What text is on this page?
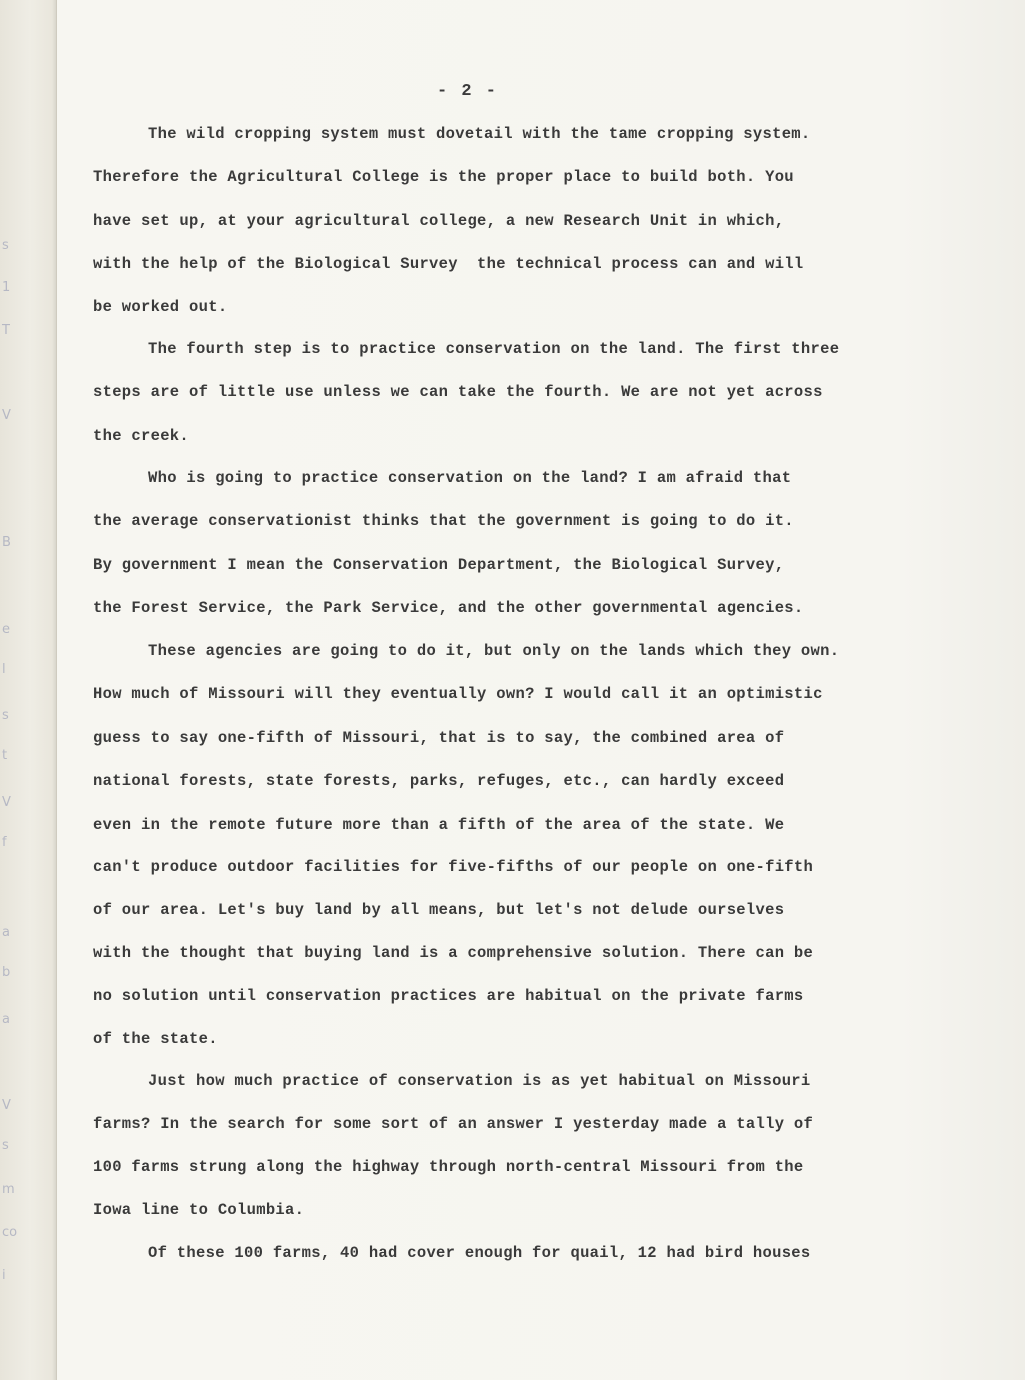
s
1
T
V
B
e
l
s
t
V
f
a
b
a
V
s
m
co
i
- 2 -
The wild cropping system must dovetail with the tame cropping system.
Therefore the Agricultural College is the proper place to build both. You
have set up, at your agricultural college, a new Research Unit in which,
with the help of the Biological Survey  the technical process can and will
be worked out.
The fourth step is to practice conservation on the land. The first three
steps are of little use unless we can take the fourth. We are not yet across
the creek.
Who is going to practice conservation on the land? I am afraid that
the average conservationist thinks that the government is going to do it.
By government I mean the Conservation Department, the Biological Survey,
the Forest Service, the Park Service, and the other governmental agencies.
These agencies are going to do it, but only on the lands which they own.
How much of Missouri will they eventually own? I would call it an optimistic
guess to say one-fifth of Missouri, that is to say, the combined area of
national forests, state forests, parks, refuges, etc., can hardly exceed
even in the remote future more than a fifth of the area of the state. We
can't produce outdoor facilities for five-fifths of our people on one-fifth
of our area. Let's buy land by all means, but let's not delude ourselves
with the thought that buying land is a comprehensive solution. There can be
no solution until conservation practices are habitual on the private farms
of the state.
Just how much practice of conservation is as yet habitual on Missouri
farms? In the search for some sort of an answer I yesterday made a tally of
100 farms strung along the highway through north-central Missouri from the
Iowa line to Columbia.
Of these 100 farms, 40 had cover enough for quail, 12 had bird houses
